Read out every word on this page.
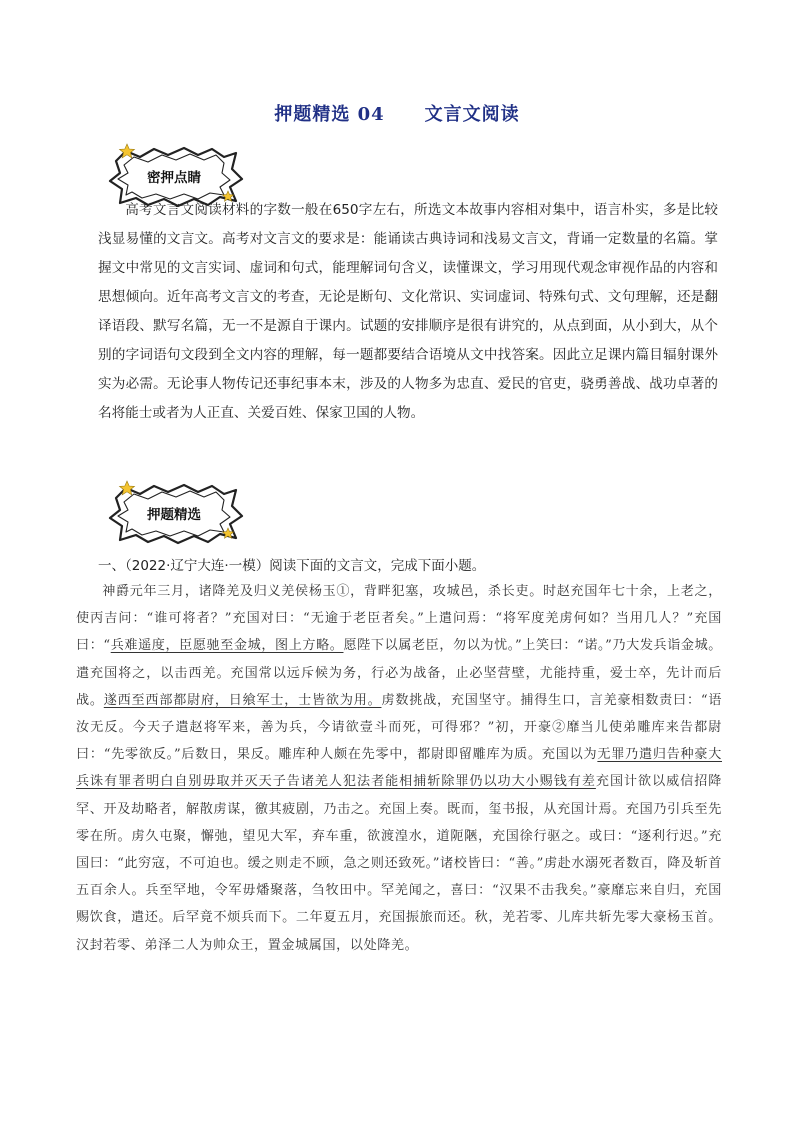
押题精选 04 文言文阅读
密押点睛

高考文言文阅读材料的字数一般在650字左右，所选文本故事内容相对集中，语言朴实，多是比较浅显易懂的文言文。高考对文言文的要求是：能诵读古典诗词和浅易文言文，背诵一定数量的名篇。掌握文中常见的文言实词、虚词和句式，能理解词句含义，读懂课文，学习用现代观念审视作品的内容和思想倾向。近年高考文言文的考查，无论是断句、文化常识、实词虚词、特殊句式、文句理解，还是翻译语段、默写名篇，无一不是源自于课内。试题的安排顺序是很有讲究的，从点到面，从小到大，从个别的字词语句文段到全文内容的理解，每一题都要结合语境从文中找答案。因此立足课内篇目辐射课外实为必需。无论事人物传记还事纪事本末，涉及的人物多为忠直、爱民的官吏，骁勇善战、战功卓著的名将能士或者为人正直、关爱百姓、保家卫国的人物。

押题精选
一、（2022·辽宁大连·一模）阅读下面的文言文，完成下面小题。

神爵元年三月，诸降羌及归义羌侯杨玉①，背畔犯塞，攻城邑，杀长吏。时赵充国年七十余，上老之，使丙吉问：“谁可将者？”充国对曰：“无逾于老臣者矣。”上遣问焉：“将军度羌虏何如？当用几人？”充国曰：“兵难遥度，臣愿驰至金城，图上方略。愿陛下以属老臣，勿以为忧。”上笑曰：“诺。”乃大发兵诣金城。遣充国将之，以击西羌。充国常以远斥候为务，行必为战备，止必坚营壁，尤能持重，爱士卒，先计而后战。遂西至西部都尉府，日飨军士，士皆欲为用。虏数挑战，充国坚守。捕得生口，言羌豪相数责曰：“语汝无反。今天子遣赵将军来，善为兵，今请欲壹斗而死，可得邪？”初，开豪②靡当儿使弟雕库来告都尉曰：“先零欲反。”后数日，果反。雕库种人颇在先零中，都尉即留雕库为质。充国以为无罪乃遣归告种豪大兵诛有罪者明白自别毋取并灭天子告诸羌人犯法者能相捕斩除罪仍以功大小赐钱有差充国计欲以威信招降罕、开及劫略者，解散虏谋，徼其疲剧，乃击之。充国上奏。既而，玺书报，从充国计焉。充国乃引兵至先零在所。虏久屯聚，懈弛，望见大军，弃车重，欲渡湟水，道阨陿，充国徐行驱之。或曰：“逐利行迟。”充国曰：“此穷寇，不可迫也。缓之则走不顾，急之则还致死。”诸校皆曰：“善。”虏赴水溺死者数百，降及斩首五百余人。兵至罕地，令军毋燔聚落，刍牧田中。罕羌闻之，喜曰：“汉果不击我矣。”豪靡忘来自归，充国赐饮食，遣还。后罕竟不烦兵而下。二年夏五月，充国振旅而还。秋，羌若零、儿库共斩先零大豪杨玉首。汉封若零、弟泽二人为帅众王，置金城属国，以处降羌。
